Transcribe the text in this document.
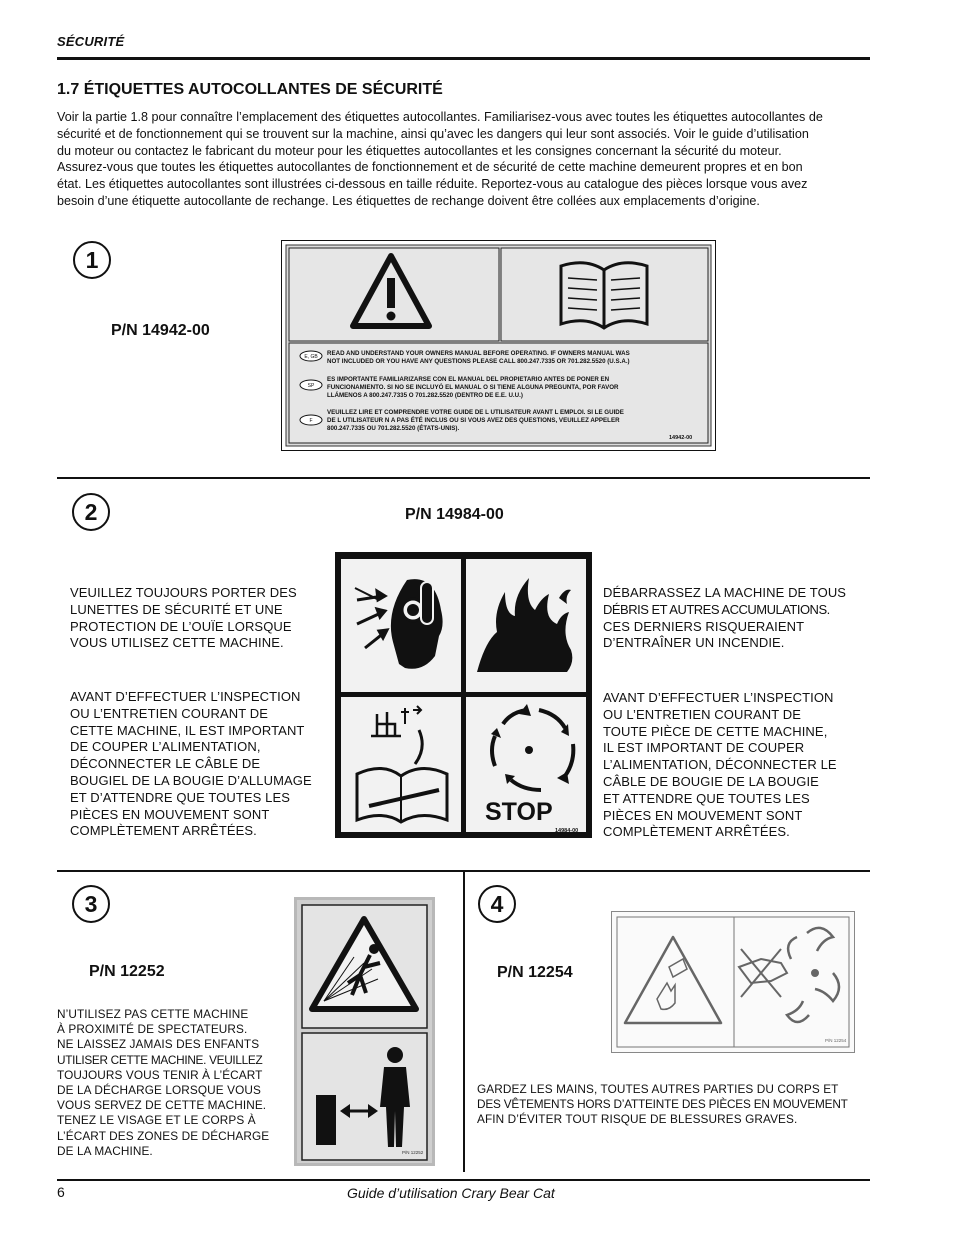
SÉCURITÉ
1.7 ÉTIQUETTES AUTOCOLLANTES DE SÉCURITÉ
Voir la partie 1.8 pour connaître l’emplacement des étiquettes autocollantes. Familiarisez-vous avec toutes les étiquettes autocollantes de
sécurité et de fonctionnement qui se trouvent sur la machine, ainsi qu’avec les dangers qui leur sont associés. Voir le guide d’utilisation
du moteur ou contactez le fabricant du moteur pour les étiquettes autocollantes et les consignes concernant la sécurité du moteur.
Assurez-vous que toutes les étiquettes autocollantes de fonctionnement et de sécurité de cette machine demeurent propres et en bon
état. Les étiquettes autocollantes sont illustrées ci-dessous en taille réduite. Reportez-vous au catalogue des pièces lorsque vous avez
besoin d’une étiquette autocollante de rechange. Les étiquettes de rechange doivent être collées aux emplacements d’origine.
1
P/N 14942-00
E, GB
SP
F
READ AND UNDERSTAND YOUR OWNERS MANUAL BEFORE OPERATING. IF OWNERS MANUAL WAS
NOT INCLUDED OR YOU HAVE ANY QUESTIONS PLEASE CALL 800.247.7335 OR 701.282.5520 (U.S.A.)
ES IMPORTANTE FAMILIARIZARSE CON EL MANUAL DEL PROPIETARIO ANTES DE PONER EN
FUNCIONAMIENTO. SI NO SE INCLUYÓ EL MANUAL O SI TIENE ALGUNA PREGUNTA, POR FAVOR
LLÁMENOS A 800.247.7335 O 701.282.5520 (DENTRO DE E.E. U.U.)
VEUILLEZ LIRE ET COMPRENDRE VOTRE GUIDE DE L UTILISATEUR AVANT L EMPLOI. SI LE GUIDE
DE L UTILISATEUR N A PAS ÉTÉ INCLUS OU SI VOUS AVEZ DES QUESTIONS, VEUILLEZ APPELER
800.247.7335 OU 701.282.5520 (ÉTATS-UNIS).
14942-00
2	P/N 14984-00
VEUILLEZ TOUJOURS PORTER DES
LUNETTES DE SÉCURITÉ ET UNE
PROTECTION DE L’OUÏE LORSQUE
VOUS UTILISEZ CETTE MACHINE.
AVANT D’EFFECTUER L’INSPECTION
OU L’ENTRETIEN COURANT DE
CETTE MACHINE, IL EST IMPORTANT
DE COUPER L’ALIMENTATION,
DÉCONNECTER LE CÂBLE DE
BOUGIEL DE LA BOUGIE D’ALLUMAGE
ET D’ATTENDRE QUE TOUTES LES
PIÈCES EN MOUVEMENT SONT
COMPLÈTEMENT ARRÊTÉES.
STOP
14984-00
DÉBARRASSEZ LA MACHINE DE TOUS
DÉBRIS ET AUTRES ACCUMULATIONS.
CES DERNIERS RISQUERAIENT
D’ENTRAÎNER UN INCENDIE.
AVANT D’EFFECTUER L’INSPECTION
OU L’ENTRETIEN COURANT DE
TOUTE PIÈCE DE CETTE MACHINE,
IL EST IMPORTANT DE COUPER
L’ALIMENTATION, DÉCONNECTER LE
CÂBLE DE BOUGIE DE LA BOUGIE
ET ATTENDRE QUE TOUTES LES
PIÈCES EN MOUVEMENT SONT
COMPLÈTEMENT ARRÊTÉES.
3
P/N 12252
N’UTILISEZ PAS CETTE MACHINE
À PROXIMITÉ DE SPECTATEURS.
NE LAISSEZ JAMAIS DES ENFANTS
UTILISER CETTE MACHINE. VEUILLEZ
TOUJOURS VOUS TENIR À L’ÉCART
DE LA DÉCHARGE LORSQUE VOUS
VOUS SERVEZ DE CETTE MACHINE.
TENEZ LE VISAGE ET LE CORPS À
L’ÉCART DES ZONES DE DÉCHARGE
DE LA MACHINE.	P/N 12252
4
P/N 12254
P/N 12254
GARDEZ LES MAINS, TOUTES AUTRES PARTIES DU CORPS ET
DES VÊTEMENTS HORS D’ATTEINTE DES PIÈCES EN MOUVEMENT
AFIN D’ÉVITER TOUT RISQUE DE BLESSURES GRAVES.
6	Guide d’utilisation Crary Bear Cat
